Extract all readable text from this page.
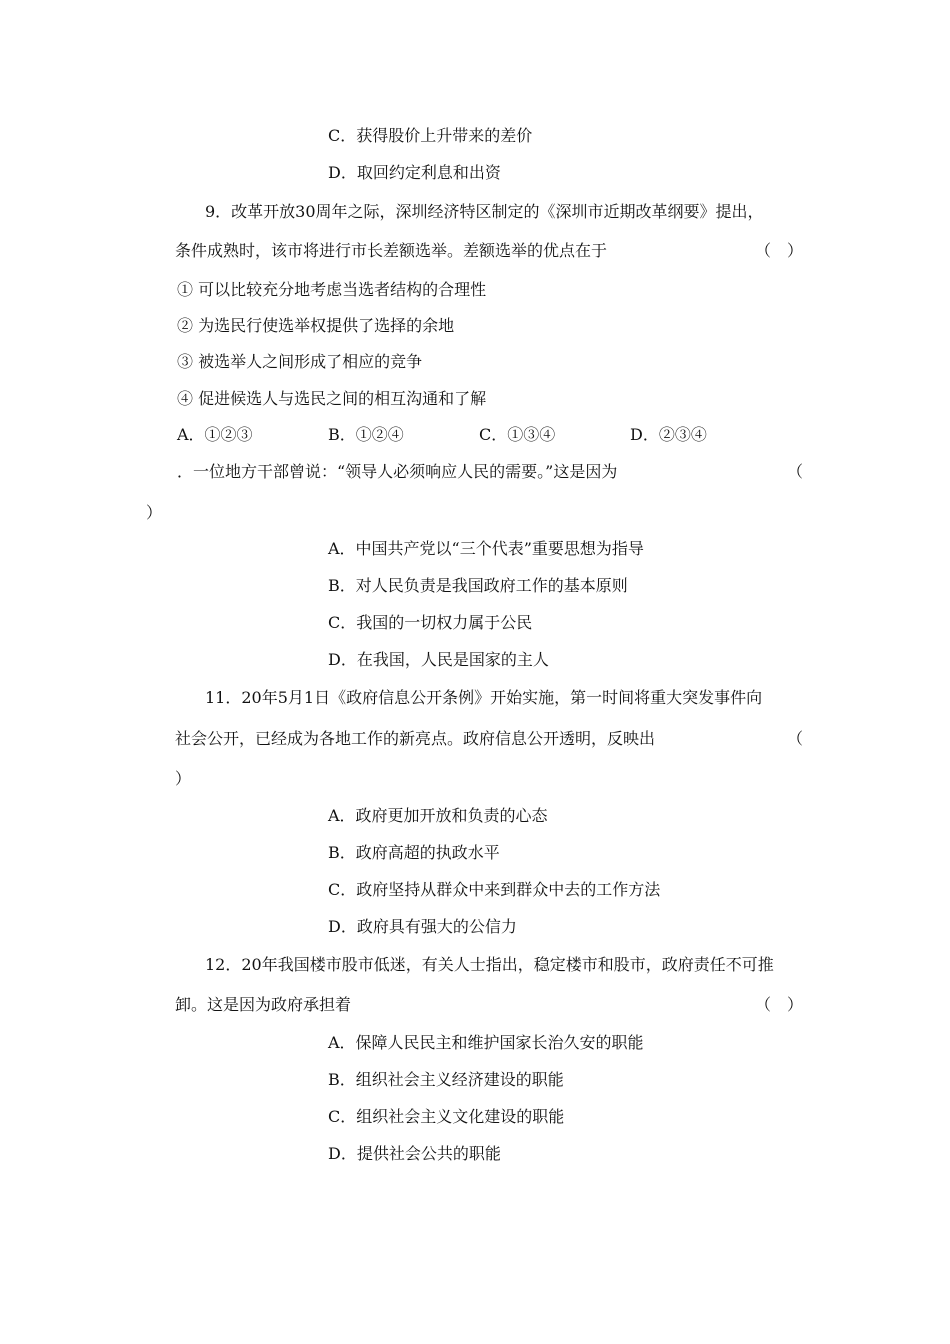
C．获得股价上升带来的差价
D．取回约定利息和出资
9．改革开放30周年之际，深圳经济特区制定的《深圳市近期改革纲要》提出，
条件成熟时，该市将进行市长差额选举。差额选举的优点在于	（　）
① 可以比较充分地考虑当选者结构的合理性
② 为选民行使选举权提供了选择的余地
③ 被选举人之间形成了相应的竞争
④ 促进候选人与选民之间的相互沟通和了解
A．①②③	B．①②④	C．①③④	D．②③④
．一位地方干部曾说：“领导人必须响应人民的需要。”这是因为	（
）
A．中国共产党以“三个代表”重要思想为指导
B．对人民负责是我国政府工作的基本原则
C．我国的一切权力属于公民
D．在我国，人民是国家的主人
11．20年5月1日《政府信息公开条例》开始实施，第一时间将重大突发事件向
社会公开，已经成为各地工作的新亮点。政府信息公开透明，反映出	（
）
A．政府更加开放和负责的心态
B．政府高超的执政水平
C．政府坚持从群众中来到群众中去的工作方法
D．政府具有强大的公信力
12．20年我国楼市股市低迷，有关人士指出，稳定楼市和股市，政府责任不可推
卸。这是因为政府承担着	（　）
A．保障人民民主和维护国家长治久安的职能
B．组织社会主义经济建设的职能
C．组织社会主义文化建设的职能
D．提供社会公共的职能
